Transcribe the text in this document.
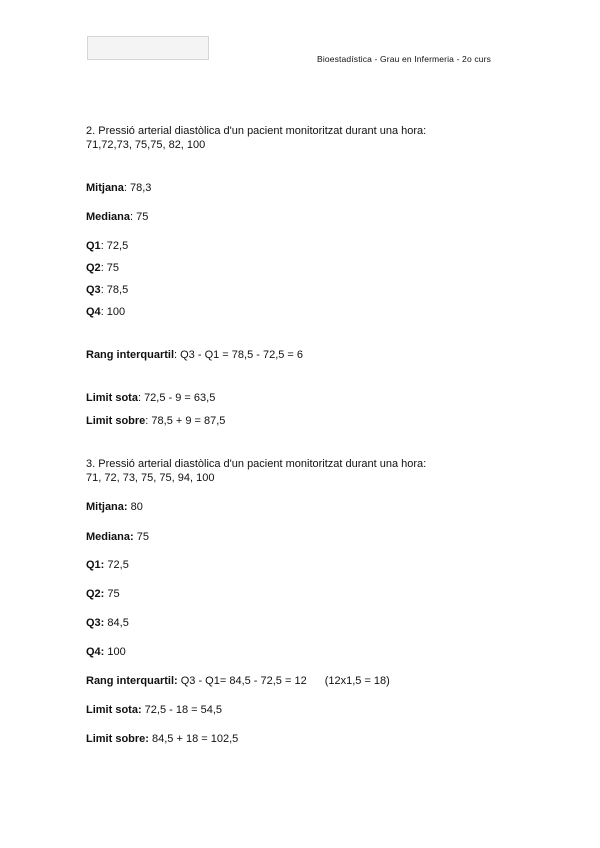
Bioestadística - Grau en Infermeria - 2o curs
2. Pressió arterial diastòlica d'un pacient monitoritzat durant una hora:
71,72,73, 75,75, 82, 100
Mitjana: 78,3
Mediana: 75
Q1: 72,5
Q2: 75
Q3: 78,5
Q4: 100
Rang interquartil: Q3 - Q1 = 78,5 - 72,5 = 6
Limit sota: 72,5 - 9 = 63,5
Limit sobre: 78,5 + 9 = 87,5
3. Pressió arterial diastòlica d'un pacient monitoritzat durant una hora:
71, 72, 73, 75, 75, 94, 100
Mitjana: 80
Mediana: 75
Q1: 72,5
Q2: 75
Q3: 84,5
Q4: 100
Rang interquartil: Q3 - Q1= 84,5 - 72,5 = 12 (12x1,5 = 18)
Limit sota: 72,5 - 18 = 54,5
Limit sobre: 84,5 + 18 = 102,5
